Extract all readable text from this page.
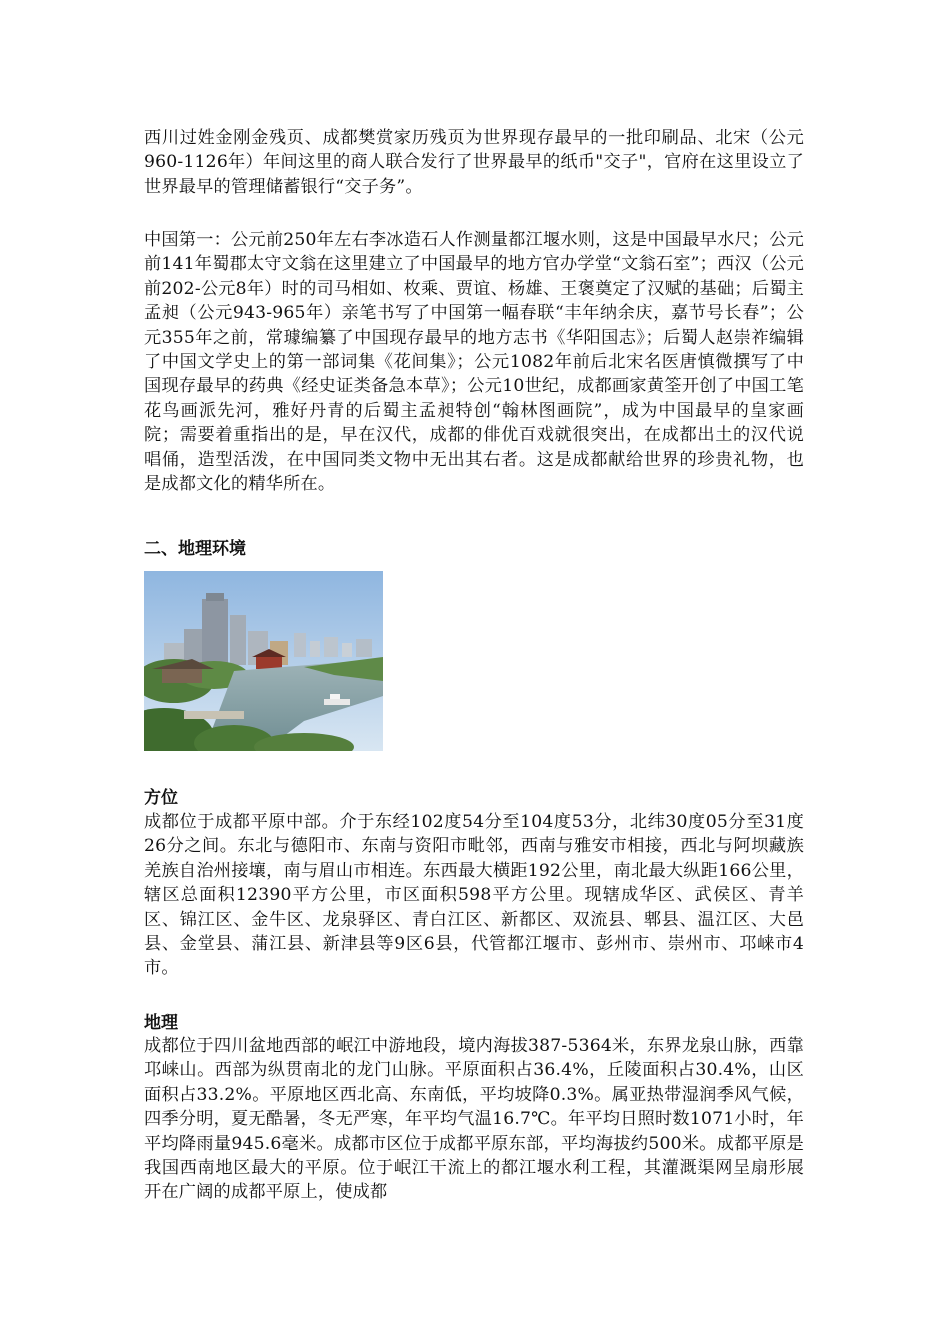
西川过姓金刚金残页、成都樊赏家历残页为世界现存最早的一批印刷品、北宋（公元960-1126年）年间这里的商人联合发行了世界最早的纸币"交子"，官府在这里设立了世界最早的管理储蓄银行“交子务”。
中国第一：公元前250年左右李冰造石人作测量都江堰水则，这是中国最早水尺；公元前141年蜀郡太守文翁在这里建立了中国最早的地方官办学堂“文翁石室”；西汉（公元前202-公元8年）时的司马相如、枚乘、贾谊、杨雄、王褒奠定了汉赋的基础；后蜀主孟昶（公元943-965年）亲笔书写了中国第一幅春联“丰年纳余庆，嘉节号长春”；公元355年之前，常璩编纂了中国现存最早的地方志书《华阳国志》；后蜀人赵崇祚编辑了中国文学史上的第一部词集《花间集》；公元1082年前后北宋名医唐慎微撰写了中国现存最早的药典《经史证类备急本草》；公元10世纪，成都画家黄筌开创了中国工笔花鸟画派先河，雅好丹青的后蜀主孟昶特创“翰林图画院”，成为中国最早的皇家画院；需要着重指出的是，早在汉代，成都的俳优百戏就很突出，在成都出土的汉代说唱俑，造型活泼，在中国同类文物中无出其右者。这是成都献给世界的珍贵礼物，也是成都文化的精华所在。
二、地理环境
方位
成都位于成都平原中部。介于东经102度54分至104度53分，北纬30度05分至31度26分之间。东北与德阳市、东南与资阳市毗邻，西南与雅安市相接，西北与阿坝藏族羌族自治州接壤，南与眉山市相连。东西最大横距192公里，南北最大纵距166公里，辖区总面积12390平方公里，市区面积598平方公里。现辖成华区、武侯区、青羊区、锦江区、金牛区、龙泉驿区、青白江区、新都区、双流县、郫县、温江区、大邑县、金堂县、蒲江县、新津县等9区6县，代管都江堰市、彭州市、崇州市、邛崃市4市。
地理
成都位于四川盆地西部的岷江中游地段，境内海拔387-5364米，东界龙泉山脉，西靠邛崃山。西部为纵贯南北的龙门山脉。平原面积占36.4%，丘陵面积占30.4%，山区面积占33.2%。平原地区西北高、东南低，平均坡降0.3%。属亚热带湿润季风气候，四季分明，夏无酷暑，冬无严寒，年平均气温16.7℃。年平均日照时数1071小时，年平均降雨量945.6毫米。成都市区位于成都平原东部，平均海拔约500米。成都平原是我国西南地区最大的平原。位于岷江干流上的都江堰水利工程，其灌溉渠网呈扇形展开在广阔的成都平原上，使成都
